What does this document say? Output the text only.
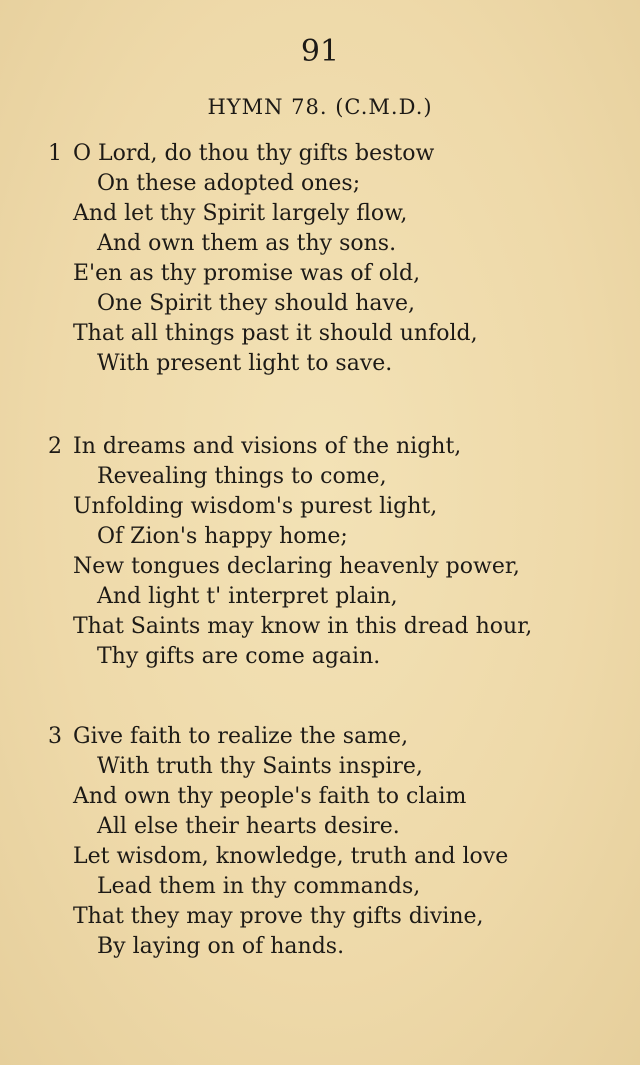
91
HYMN 78. (C.M.D.)
1 O Lord, do thou thy gifts bestow
On these adopted ones;
And let thy Spirit largely flow,
And own them as thy sons.
E'en as thy promise was of old,
One Spirit they should have,
That all things past it should unfold,
With present light to save.
2 In dreams and visions of the night,
Revealing things to come,
Unfolding wisdom's purest light,
Of Zion's happy home;
New tongues declaring heavenly power,
And light t' interpret plain,
That Saints may know in this dread hour,
Thy gifts are come again.
3 Give faith to realize the same,
With truth thy Saints inspire,
And own thy people's faith to claim
All else their hearts desire.
Let wisdom, knowledge, truth and love
Lead them in thy commands,
That they may prove thy gifts divine,
By laying on of hands.
